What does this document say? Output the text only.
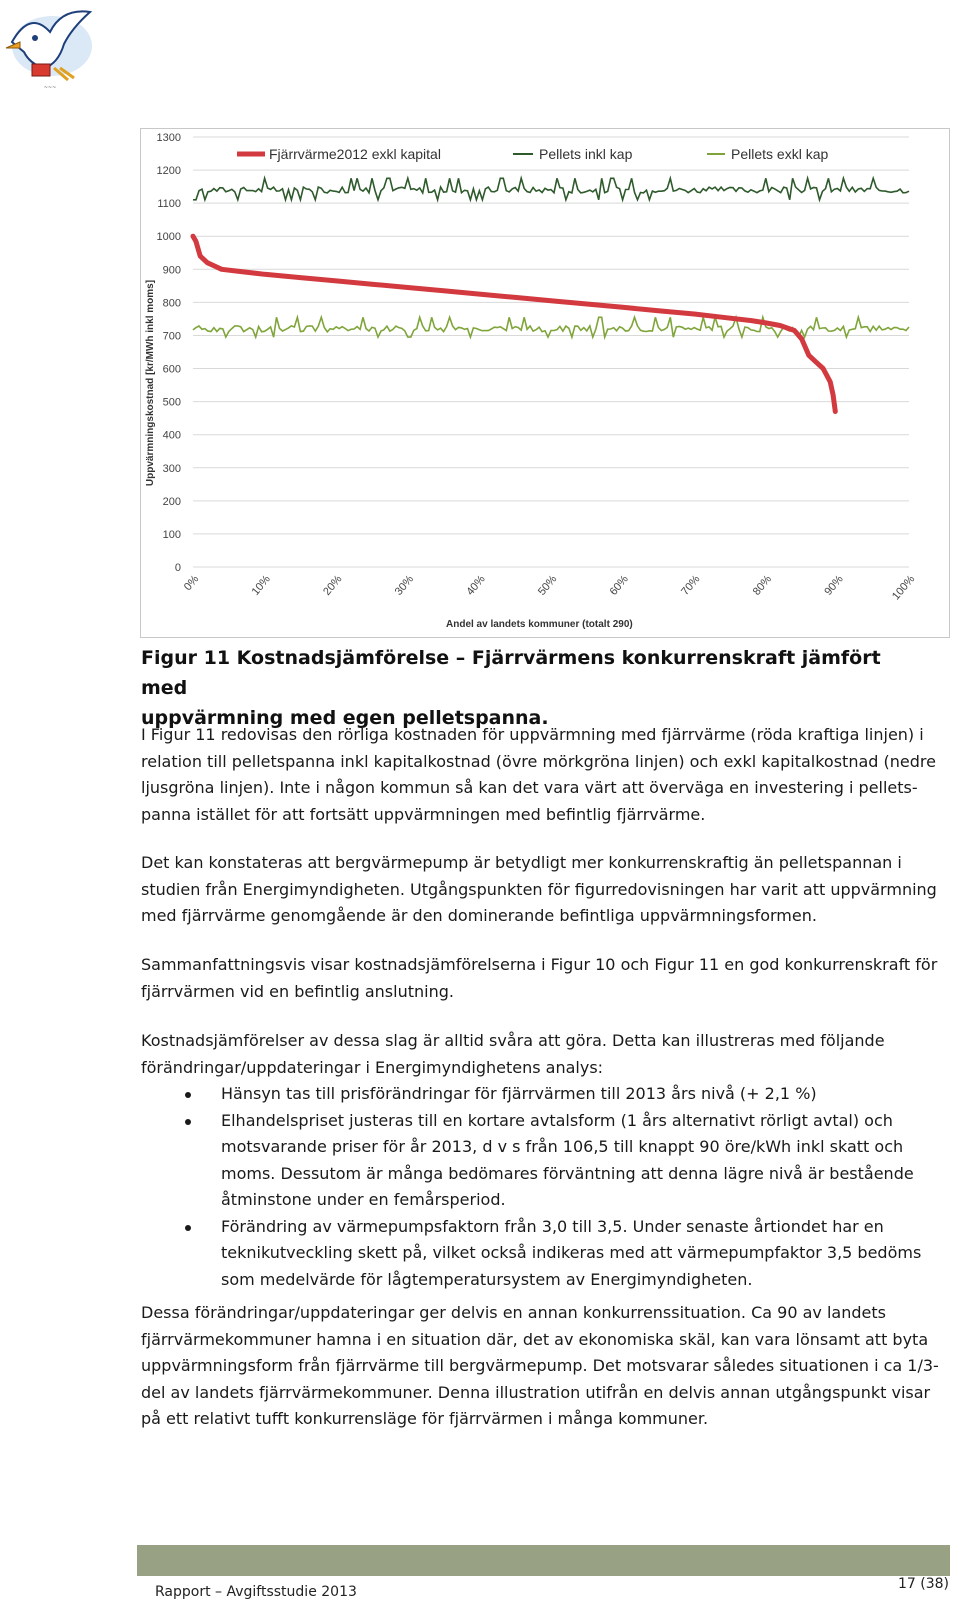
~~~
0
100
200
300
400
500
600
700
800
900
1000
1100
1200
1300
0%	10%	20%	30%	40%	50%	60%	70%	80%	90%	100%
Uppvärmningskostnad [kr/MWh inkl moms]
Andel av landets kommuner (totalt 290)
Fjärrvärme2012 exkl kapital	Pellets inkl kap	Pellets exkl kap
Figur 11 Kostnadsjämförelse – Fjärrvärmens konkurrenskraft jämfört med
uppvärmning med egen pelletspanna.

I Figur 11 redovisas den rörliga kostnaden för uppvärmning med fjärrvärme (röda kraftiga linjen) i relation till pelletspanna inkl kapitalkostnad (övre mörkgröna linjen) och exkl kapitalkostnad (nedre ljusgröna linjen). Inte i någon kommun så kan det vara värt att överväga en investering i pellets-panna istället för att fortsätt uppvärmningen med befintlig fjärrvärme.

Det kan konstateras att bergvärmepump är betydligt mer konkurrenskraftig än pelletspannan i studien från Energimyndigheten. Utgångspunkten för figurredovisningen har varit att uppvärmning med fjärrvärme genomgående är den dominerande befintliga uppvärmningsformen.

Sammanfattningsvis visar kostnadsjämförelserna i Figur 10 och Figur 11 en god konkurrenskraft för fjärrvärmen vid en befintlig anslutning.

Kostnadsjämförelser av dessa slag är alltid svåra att göra. Detta kan illustreras med följande förändringar/uppdateringar i Energimyndighetens analys:

Hänsyn tas till prisförändringar för fjärrvärmen till 2013 års nivå (+ 2,1 %)
Elhandelspriset justeras till en kortare avtalsform (1 års alternativt rörligt avtal) och motsvarande priser för år 2013, d v s från 106,5 till knappt 90 öre/kWh inkl skatt och moms. Dessutom är många bedömares förväntning att denna lägre nivå är bestående åtminstone under en femårsperiod.
Förändring av värmepumpsfaktorn från 3,0 till 3,5. Under senaste årtiondet har en teknikutveckling skett på, vilket också indikeras med att värmepumpfaktor 3,5 bedöms som medelvärde för lågtemperatursystem av Energimyndigheten.

Dessa förändringar/uppdateringar ger delvis en annan konkurrenssituation. Ca 90 av landets fjärrvärmekommuner hamna i en situation där, det av ekonomiska skäl, kan vara lönsamt att byta uppvärmningsform från fjärrvärme till bergvärmepump. Det motsvarar således situationen i ca 1/3-del av landets fjärrvärmekommuner. Denna illustration utifrån en delvis annan utgångspunkt visar på ett relativt tufft konkurrensläge för fjärrvärmen i många kommuner.

Rapport – Avgiftsstudie 2013	17 (38)
